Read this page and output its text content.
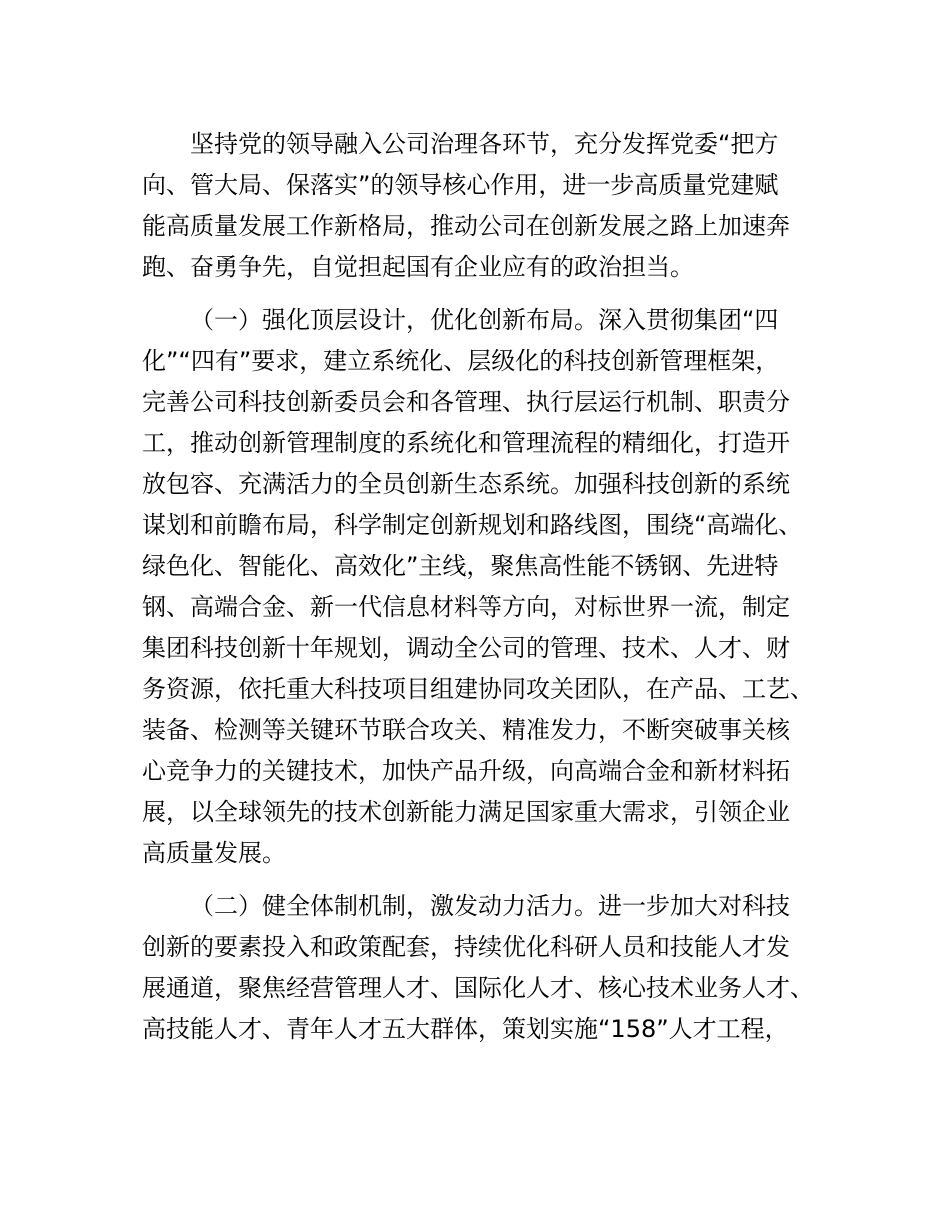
坚持党的领导融入公司治理各环节，充分发挥党委“把方
向、管大局、保落实”的领导核心作用，进一步高质量党建赋
能高质量发展工作新格局，推动公司在创新发展之路上加速奔
跑、奋勇争先，自觉担起国有企业应有的政治担当。
（一）强化顶层设计，优化创新布局。深入贯彻集团“四
化”“四有”要求，建立系统化、层级化的科技创新管理框架，
完善公司科技创新委员会和各管理、执行层运行机制、职责分
工，推动创新管理制度的系统化和管理流程的精细化，打造开
放包容、充满活力的全员创新生态系统。加强科技创新的系统
谋划和前瞻布局，科学制定创新规划和路线图，围绕“高端化、
绿色化、智能化、高效化”主线，聚焦高性能不锈钢、先进特
钢、高端合金、新一代信息材料等方向，对标世界一流，制定
集团科技创新十年规划，调动全公司的管理、技术、人才、财
务资源，依托重大科技项目组建协同攻关团队，在产品、工艺、
装备、检测等关键环节联合攻关、精准发力，不断突破事关核
心竞争力的关键技术，加快产品升级，向高端合金和新材料拓
展，以全球领先的技术创新能力满足国家重大需求，引领企业
高质量发展。
（二）健全体制机制，激发动力活力。进一步加大对科技
创新的要素投入和政策配套，持续优化科研人员和技能人才发
展通道，聚焦经营管理人才、国际化人才、核心技术业务人才、
高技能人才、青年人才五大群体，策划实施“158”人才工程，
